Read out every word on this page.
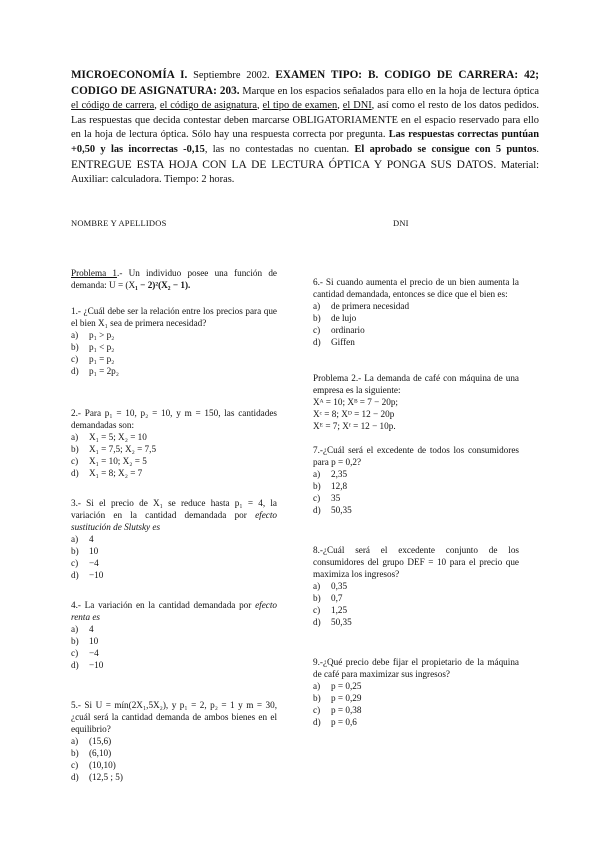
MICROECONOMÍA I. Septiembre 2002. EXAMEN TIPO: B. CODIGO DE CARRERA: 42; CODIGO DE ASIGNATURA: 203. Marque en los espacios señalados para ello en la hoja de lectura óptica el código de carrera, el código de asignatura, el tipo de examen, el DNI, así como el resto de los datos pedidos. Las respuestas que decida contestar deben marcarse OBLIGATORIAMENTE en el espacio reservado para ello en la hoja de lectura óptica. Sólo hay una respuesta correcta por pregunta. Las respuestas correctas puntúan +0,50 y las incorrectas -0,15, las no contestadas no cuentan. El aprobado se consigue con 5 puntos. ENTREGUE ESTA HOJA CON LA DE LECTURA ÓPTICA Y PONGA SUS DATOS. Material: Auxiliar: calculadora. Tiempo: 2 horas.
NOMBRE Y APELLIDOS	DNI

Problema 1.- Un individuo posee una función de demanda: U = (X₁ − 2)²(X₂ − 1).

1.- ¿Cuál debe ser la relación entre los precios para que el bien X₁ sea de primera necesidad?

a)	p₁ > p₂
b)	p₁ < p₂
c)	p₁ = p₂
d)	p₁ = 2p₂

2.- Para p₁ = 10, p₂ = 10, y m = 150, las cantidades demandadas son:

a)	X₁ = 5; X₂ = 10
b)	X₁ = 7,5; X₂ = 7,5
c)	X₁ = 10; X₂ = 5
d)	X₁ = 8; X₂ = 7

3.- Si el precio de X₁ se reduce hasta p₁ = 4, la variación en la cantidad demandada por efecto sustitución de Slutsky es

a)	4
b)	10
c)	−4
d)	−10

4.- La variación en la cantidad demandada por efecto renta es

a)	4
b)	10
c)	−4
d)	−10

5.- Si U = mín(2X₁,5X₂), y p₁ = 2, p₂ = 1 y m = 30, ¿cuál será la cantidad demanda de ambos bienes en el equilibrio?

a)	(15,6)
b)	(6,10)
c)	(10,10)
d)	(12,5 ; 5)

6.- Si cuando aumenta el precio de un bien aumenta la cantidad demandada, entonces se dice que el bien es:

a)	de primera necesidad
b)	de lujo
c)	ordinario
d)	Giffen

Problema 2.- La demanda de café con máquina de una empresa es la siguiente:

Xᴬ = 10; Xᴮ = 7 − 20p;

Xᶜ = 8; Xᴰ = 12 − 20p

Xᴱ = 7; Xᶠ = 12 − 10p.

7.-¿Cuál será el excedente de todos los consumidores para p = 0,2?

a)	2,35
b)	12,8
c)	35
d)	50,35

8.-¿Cuál será el excedente conjunto de los consumidores del grupo DEF = 10 para el precio que maximiza los ingresos?

a)	0,35
b)	0,7
c)	1,25
d)	50,35

9.-¿Qué precio debe fijar el propietario de la máquina de café para maximizar sus ingresos?

a)	p = 0,25
b)	p = 0,29
c)	p = 0,38
d)	p = 0,6
